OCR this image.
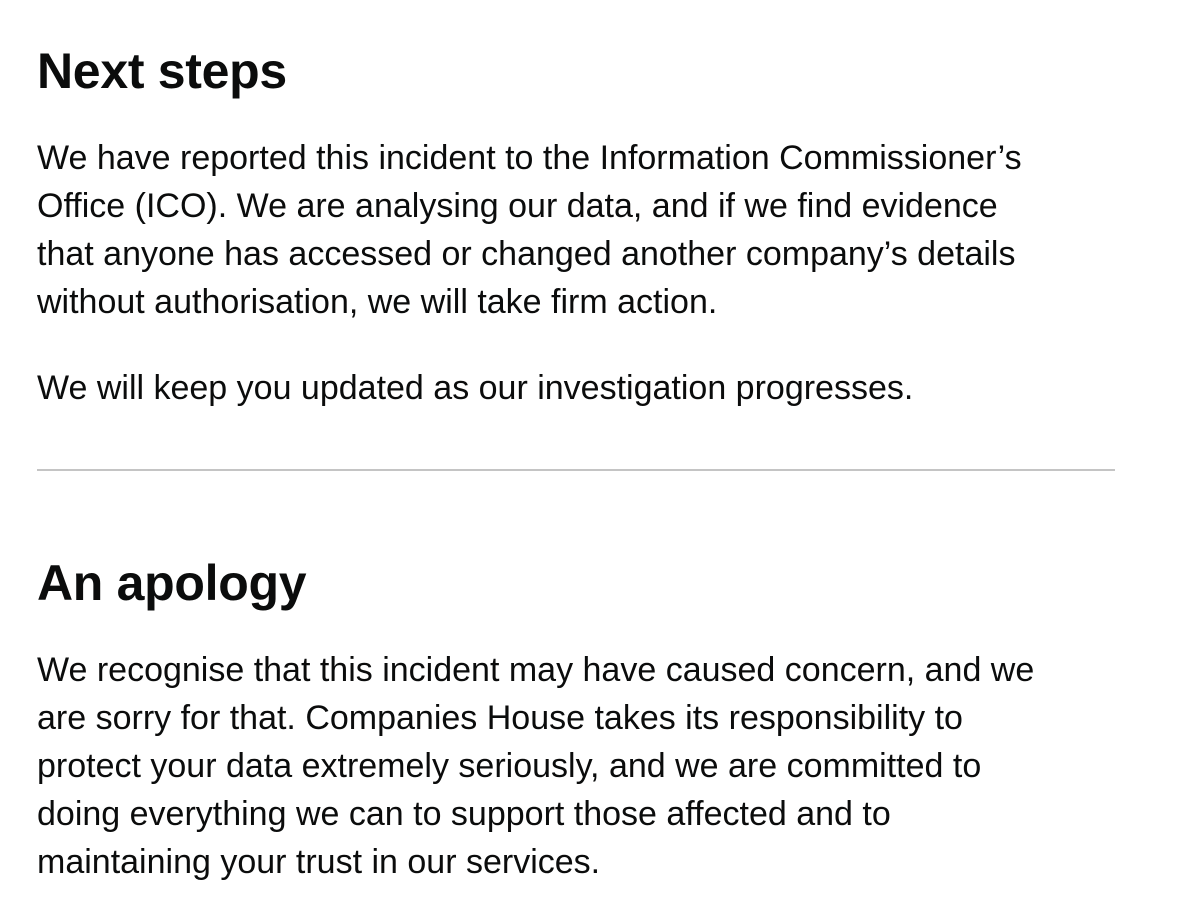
Next steps

We have reported this incident to the Information Commissioner’s
Office (ICO). We are analysing our data, and if we find evidence
that anyone has accessed or changed another company’s details
without authorisation, we will take firm action.

We will keep you updated as our investigation progresses.

An apology

We recognise that this incident may have caused concern, and we
are sorry for that. Companies House takes its responsibility to
protect your data extremely seriously, and we are committed to
doing everything we can to support those affected and to
maintaining your trust in our services.
